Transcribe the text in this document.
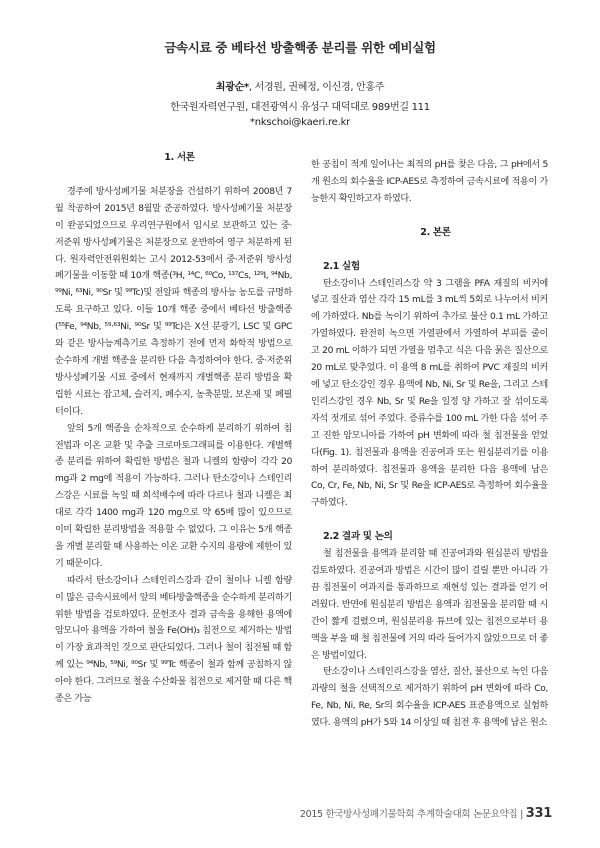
금속시료 중 베타선 방출핵종 분리를 위한 예비실험
최광순*, 서경원, 권혜정, 이신경, 안홍주
한국원자력연구원, 대전광역시 유성구 대덕대로 989번길 111
*nkschoi@kaeri.re.kr

1. 서론

경주에 방사성폐기물 처분장을 건설하기 위하여 2008년 7월 착공하여 2015년 8월말 준공하였다. 방사성폐기물 처분장이 완공되었으므로 우리연구원에서 임시로 보관하고 있는 중·저준위 방사성폐기물은 처분장으로 운반하여 영구 처분하게 된다. 원자력안전위원회는 고시 2012-53에서 중·저준위 방사성폐기물을 이동할 때 10개 핵종(³H, ¹⁴C, ⁶⁰Co, ¹³⁷Cs, ¹²⁹I, ⁹⁴Nb, ⁹⁹Ni, ⁶³Ni, ⁹⁰Sr 및 ⁹⁹Tc)및 전알파 핵종의 방사능 농도를 규명하도록 요구하고 있다. 이들 10개 핵종 중에서 베타선 방출핵종(⁵⁵Fe, ⁹⁴Nb, ⁵⁹·⁶³Ni, ⁹⁰Sr 및 ⁹⁹Tc)은 X선 분광기, LSC 및 GPC와 같은 방사능계측기로 측정하기 전에 먼저 화학적 방법으로 순수하게 개별 핵종을 분리한 다음 측정하여야 한다. 중·저준위 방사성폐기물 시료 중에서 현재까지 개별핵종 분리 방법을 확립한 시료는 잡고체, 슬러지, 폐수지, 농축분말, 보온재 및 폐필터이다.

앞의 5개 핵종을 순차적으로 순수하게 분리하기 위하여 침전법과 이온 교환 및 추출 크로마토그래피를 이용한다. 개별핵종 분리를 위하여 확립한 방법은 철과 니켈의 함량이 각각 20 mg과 2 mg에 적용이 가능하다. 그러나 탄소강이나 스테인리스강은 시료를 녹일 때 희석배수에 따라 다르나 철과 니켈은 최대로 각각 1400 mg과 120 mg으로 약 65배 많이 있으므로 이미 확립한 분리방법을 적용할 수 없었다. 그 이유는 5개 핵종을 개별 분리할 때 사용하는 이온 교환 수지의 용량에 제한이 있기 때문이다.

따라서 탄소강이나 스테인리스강과 같이 철이나 니켈 함량이 많은 금속시료에서 앞의 베타방출핵종을 순수하게 분리하기 위한 방법을 검토하였다. 문헌조사 결과 금속을 용해한 용액에 암모니아 용액을 가하여 철을 Fe(OH)₃ 침전으로 제거하는 방법이 가장 효과적인 것으로 판단되었다. 그러나 철이 침전될 때 함께 있는 ⁹⁴Nb, ⁵⁹Ni, ⁹⁰Sr 및 ⁹⁹Tc 핵종이 철과 함께 공침하지 않아야 한다. 그러므로 철을 수산화물 침전으로 제거할 때 다른 핵종은 가능

한 공침이 적게 일어나는 최적의 pH를 찾은 다음, 그 pH에서 5개 원소의 회수율을 ICP-AES로 측정하여 금속시료에 적용이 가능한지 확인하고자 하였다.

2. 본론

2.1 실험

탄소강이나 스테인리스강 약 3 그램을 PFA 재질의 비커에 넣고 질산과 염산 각각 15 mL를 3 mL씩 5회로 나누어서 비커에 가하였다. Nb를 녹이기 위하여 추가로 불산 0.1 mL 가하고 가열하였다. 완전히 녹으면 가열판에서 가열하여 부피를 줄이고 20 mL 이하가 되면 가열을 멈추고 식은 다음 묽은 질산으로 20 mL로 맞추었다. 이 용액 8 mL를 취하여 PVC 재질의 비커에 넣고 탄소강인 경우 용액에 Nb, Ni, Sr 및 Re을, 그리고 스테인리스강인 경우 Nb, Sr 및 Re을 일정 양 가하고 잘 섞이도록 자석 젓개로 섞어 주었다. 증류수를 100 mL 가한 다음 섞어 주고 진한 암모니아를 가하여 pH 변화에 따라 철 침전물을 얻었다(Fig. 1). 침전물과 용액을 진공여과 또는 원심분리기를 이용하여 분리하였다. 침전물과 용액을 분리한 다음 용액에 남은 Co, Cr, Fe, Nb, Ni, Sr 및 Re을 ICP-AES로 측정하여 회수율을 구하였다.

2.2 결과 및 논의

철 침전물을 용액과 분리할 때 진공여과와 원심분리 방법을 검토하였다. 진공여과 방법은 시간이 많이 걸릴 뿐만 아니라 가끔 침전물이 여과지를 통과하므로 재현성 있는 결과를 얻기 어려웠다. 반면에 원심분리 방법은 용액과 침전물을 분리할 때 시간이 짧게 걸렸으며, 원심분리용 튜브에 있는 침전으로부터 용액을 부을 때 철 침전물에 거의 따라 들어가지 않았으므로 더 좋은 방법이었다.

탄소강이나 스테인리스강을 염산, 질산, 불산으로 녹인 다음 과량의 철을 선택적으로 제거하기 위하여 pH 변화에 따라 Co, Fe, Nb, Ni, Re, Sr의 회수율을 ICP-AES 표준용액으로 실험하였다. 용액의 pH가 5와 14 이상일 때 침전 후 용액에 남은 원소

2015 한국방사성폐기물학회 추계학술대회 논문요약집 | 331
